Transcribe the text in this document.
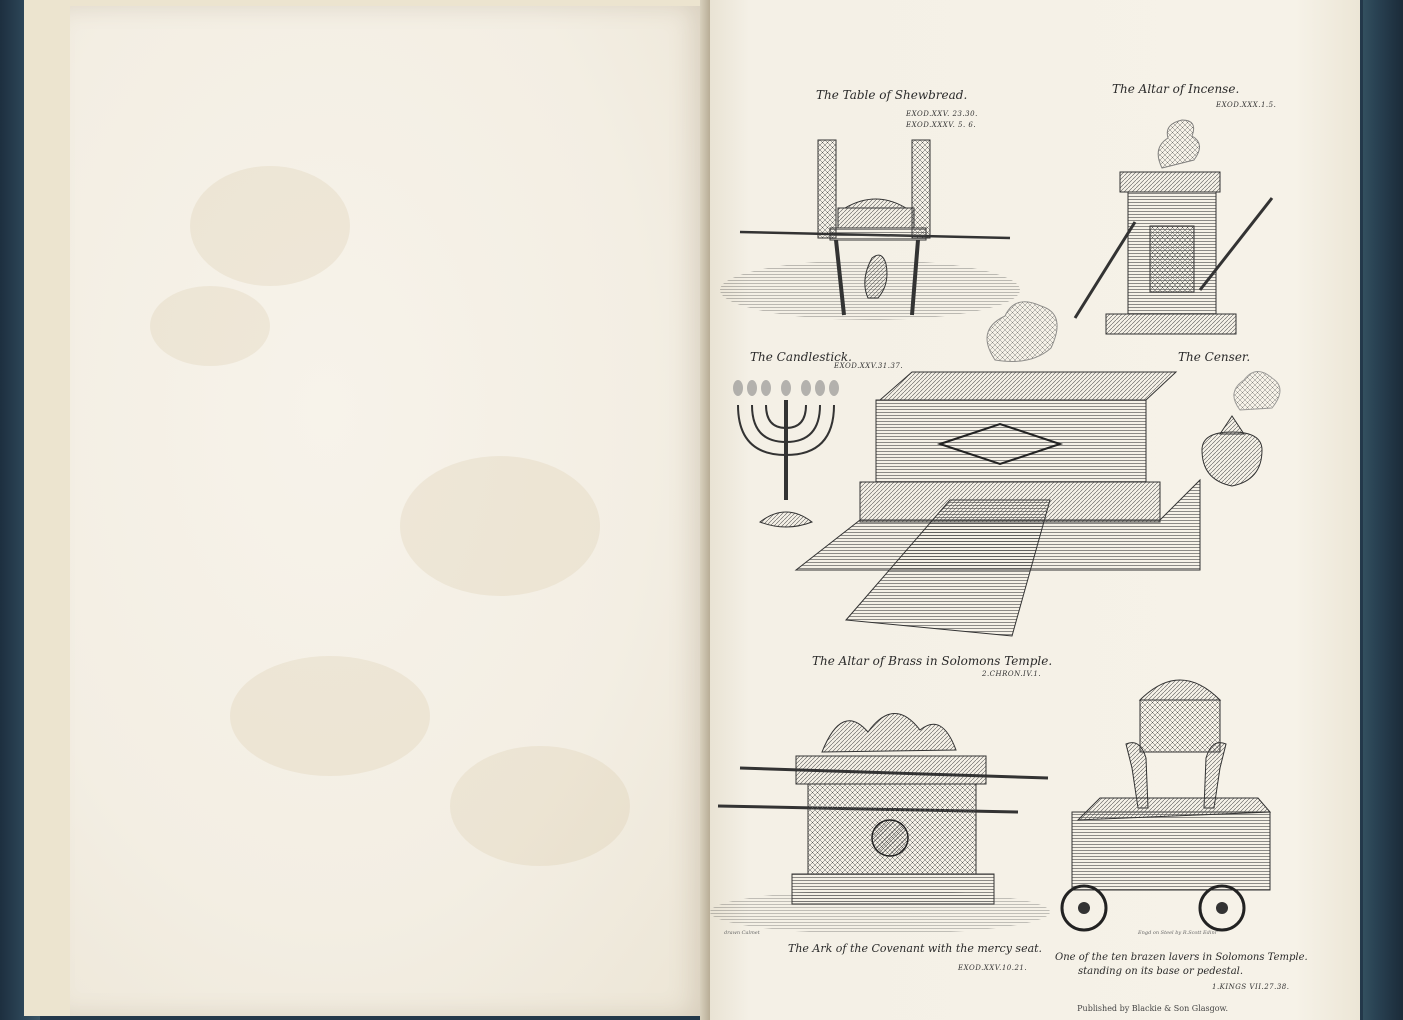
The Table of Shewbread.
EXOD.XXV. 23.30.
EXOD.XXXV. 5. 6.
The Altar of Incense.
EXOD.XXX.1.5.
The Candlestick.
EXOD.XXV.31.37.
The Censer.
The Altar of Brass in Solomons Temple.
2.CHRON.IV.1.
The Ark of the Covenant with the mercy seat.
EXOD.XXV.10.21.
One of the ten brazen lavers in Solomons Temple.
standing on its base or pedestal.
1.KINGS VII.27.38.
drawn Calmet	Engd on Steel by R.Scott Edinr
Published by Blackie & Son Glasgow.
